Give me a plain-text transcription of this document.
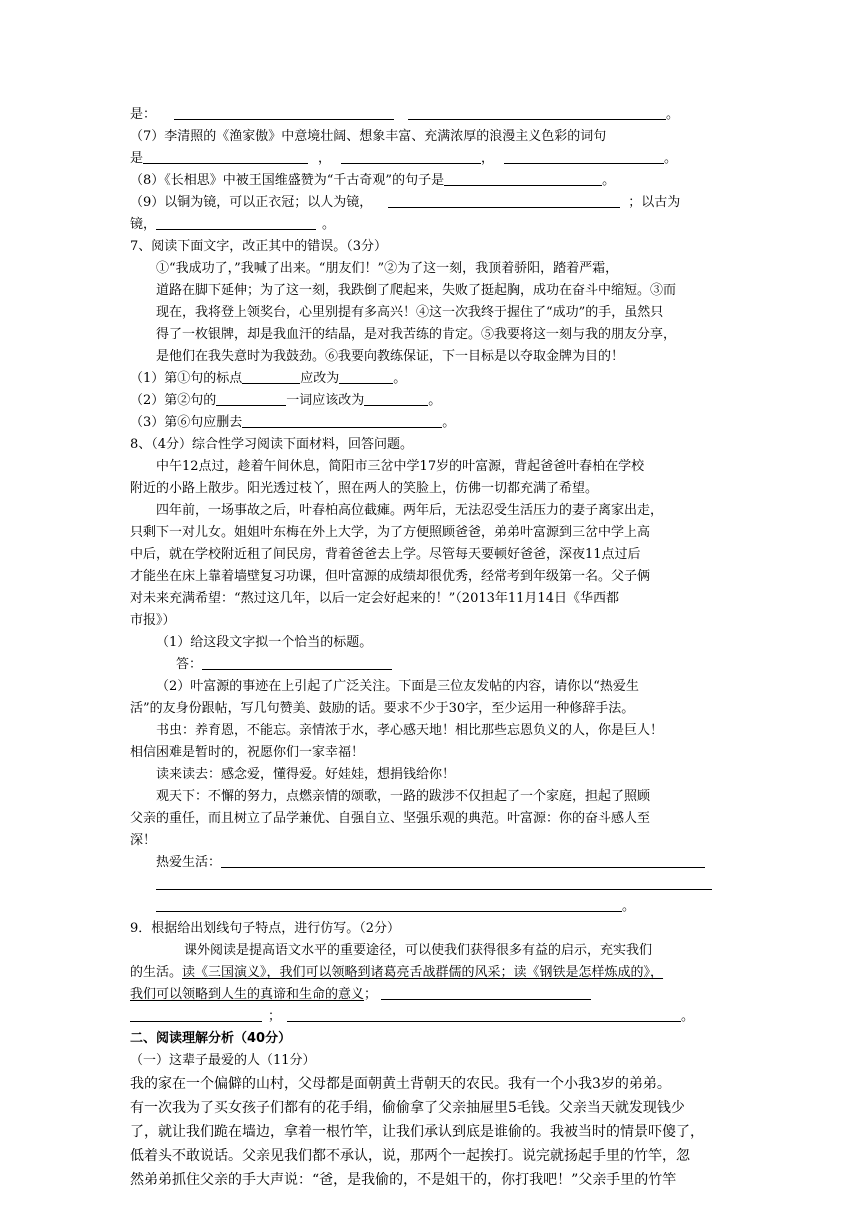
是：	。
（7）李清照的《渔家傲》中意境壮阔、想象丰富、充满浓厚的浪漫主义色彩的词句
是	，	，	。
（8）《长相思》中被王国维盛赞为“千古奇观”的句子是	。
（9）以铜为镜，可以正衣冠；以人为镜，	；以古为
镜，	。
7、阅读下面文字，改正其中的错误。（3分）
①“我成功了，”我喊了出来。“朋友们！”②为了这一刻，我顶着骄阳，踏着严霜，
道路在脚下延伸；为了这一刻，我跌倒了爬起来，失败了挺起胸，成功在奋斗中缩短。③而
现在，我将登上领奖台，心里别提有多高兴！④这一次我终于握住了“成功”的手，虽然只
得了一枚银牌，却是我血汗的结晶，是对我苦练的肯定。⑤我要将这一刻与我的朋友分享，
是他们在我失意时为我鼓劲。⑥我要向教练保证，下一目标是以夺取金牌为目的！
（1）第①句的标点	应改为	。
（2）第②句的	一词应该改为	。
（3）第⑥句应删去	。
8、（4分）综合性学习阅读下面材料，回答问题。
中午12点过，趁着午间休息，简阳市三岔中学17岁的叶富源，背起爸爸叶春柏在学校
附近的小路上散步。阳光透过枝丫，照在两人的笑脸上，仿佛一切都充满了希望。
四年前，一场事故之后，叶春柏高位截瘫。两年后，无法忍受生活压力的妻子离家出走，
只剩下一对儿女。姐姐叶东梅在外上大学，为了方便照顾爸爸，弟弟叶富源到三岔中学上高
中后，就在学校附近租了间民房，背着爸爸去上学。尽管每天要顿好爸爸，深夜11点过后
才能坐在床上靠着墙壁复习功课，但叶富源的成绩却很优秀，经常考到年级第一名。父子俩
对未来充满希望：“熬过这几年，以后一定会好起来的！”（2013年11月14日《华西都
市报》）
（1）给这段文字拟一个恰当的标题。
答：
（2）叶富源的事迹在上引起了广泛关注。下面是三位友发帖的内容，请你以“热爱生
活”的友身份跟帖，写几句赞美、鼓励的话。要求不少于30字，至少运用一种修辞手法。
书虫：养育恩，不能忘。亲情浓于水，孝心感天地！相比那些忘恩负义的人，你是巨人！
相信困难是暂时的，祝愿你们一家幸福！
读来读去：感念爱，懂得爱。好娃娃，想捐钱给你！
观天下：不懈的努力，点燃亲情的颂歌，一路的跋涉不仅担起了一个家庭，担起了照顾
父亲的重任，而且树立了品学兼优、自强自立、坚强乐观的典范。叶富源：你的奋斗感人至
深！
热爱生活：
。
9．根据给出划线句子特点，进行仿写。（2分）
课外阅读是提高语文水平的重要途径，可以使我们获得很多有益的启示，充实我们
的生活。读《三国演义》，我们可以领略到诸葛亮舌战群儒的风采；读《钢铁是怎样炼成的》，
我们可以领略到人生的真谛和生命的意义；
；	。
二、阅读理解分析（40分）
（一）这辈子最爱的人（11分）
我的家在一个偏僻的山村，父母都是面朝黄土背朝天的农民。我有一个小我3岁的弟弟。
有一次我为了买女孩子们都有的花手绢，偷偷拿了父亲抽屉里5毛钱。父亲当天就发现钱少
了，就让我们跪在墙边，拿着一根竹竿，让我们承认到底是谁偷的。我被当时的情景吓傻了，
低着头不敢说话。父亲见我们都不承认，说，那两个一起挨打。说完就扬起手里的竹竿，忽
然弟弟抓住父亲的手大声说：“爸，是我偷的，不是姐干的，你打我吧！”父亲手里的竹竿
